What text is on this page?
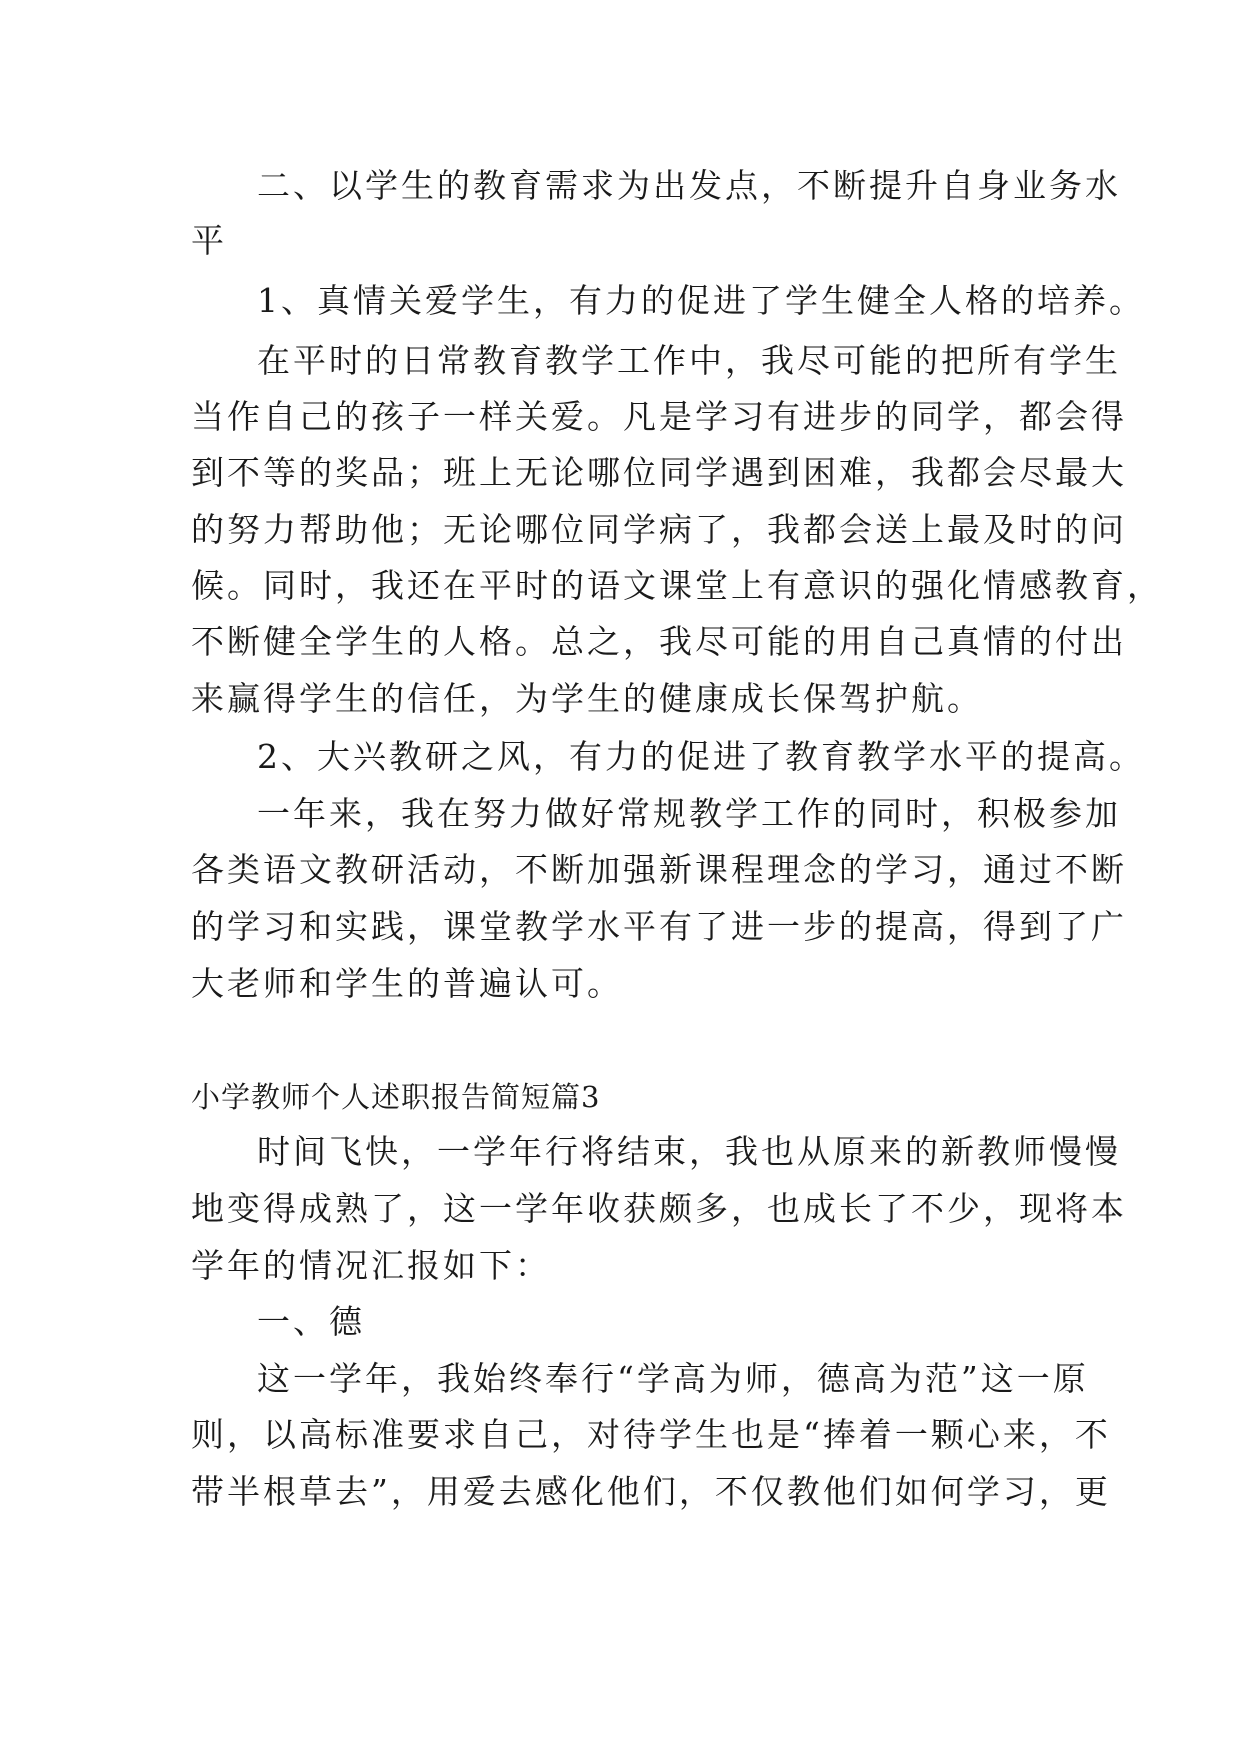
二、以学生的教育需求为出发点，不断提升自身业务水
平
1、真情关爱学生，有力的促进了学生健全人格的培养。
在平时的日常教育教学工作中，我尽可能的把所有学生
当作自己的孩子一样关爱。凡是学习有进步的同学，都会得
到不等的奖品；班上无论哪位同学遇到困难，我都会尽最大
的努力帮助他；无论哪位同学病了，我都会送上最及时的问
候。同时，我还在平时的语文课堂上有意识的强化情感教育，
不断健全学生的人格。总之，我尽可能的用自己真情的付出
来赢得学生的信任，为学生的健康成长保驾护航。
2、大兴教研之风，有力的促进了教育教学水平的提高。
一年来，我在努力做好常规教学工作的同时，积极参加
各类语文教研活动，不断加强新课程理念的学习，通过不断
的学习和实践，课堂教学水平有了进一步的提高，得到了广
大老师和学生的普遍认可。
小学教师个人述职报告简短篇3
时间飞快，一学年行将结束，我也从原来的新教师慢慢
地变得成熟了，这一学年收获颇多，也成长了不少，现将本
学年的情况汇报如下：
一、德
这一学年，我始终奉行“学高为师，德高为范”这一原
则，以高标准要求自己，对待学生也是“捧着一颗心来，不
带半根草去”，用爱去感化他们，不仅教他们如何学习，更
